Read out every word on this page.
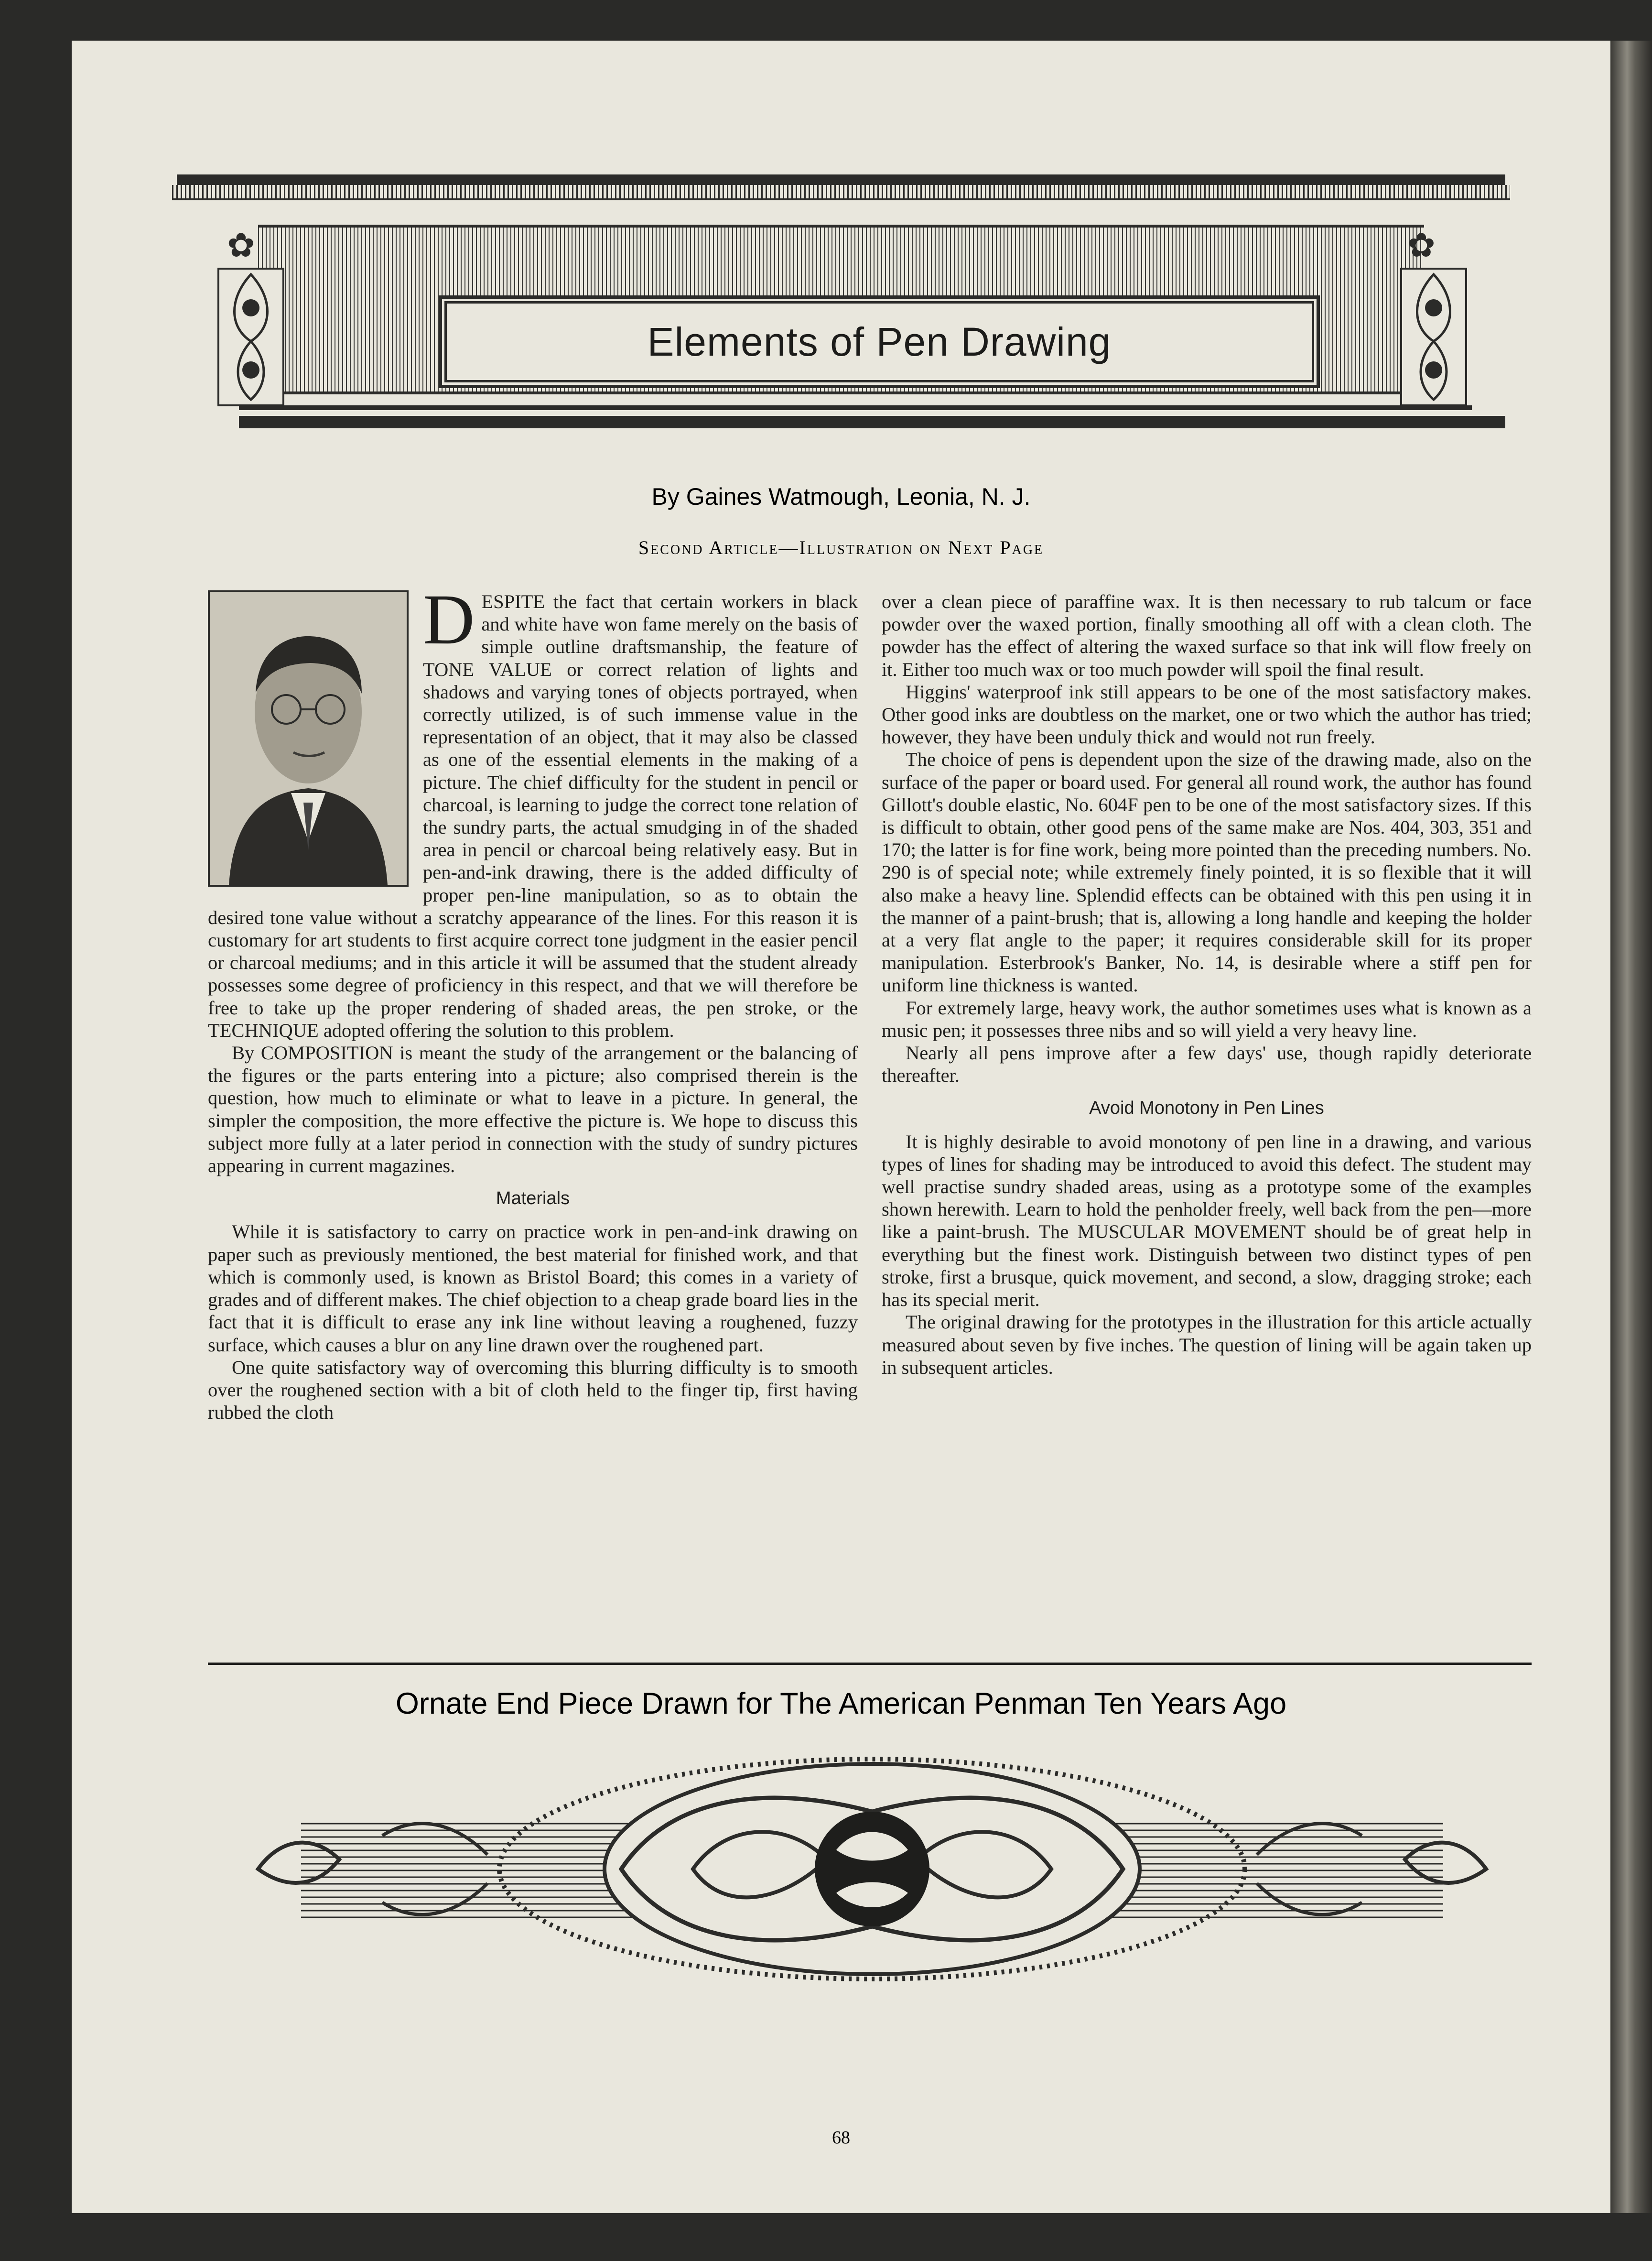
✿	✿
Elements of Pen Drawing
By Gaines Watmough, Leonia, N. J.
Second Article—Illustration on Next Page
D ESPITE the fact that certain workers in black and white have won fame merely on the basis of simple outline draftsmanship, the feature of TONE VALUE or correct relation of lights and shadows and varying tones of objects portrayed, when correctly utilized, is of such immense value in the representation of an object, that it may also be classed as one of the essential elements in the making of a picture. The chief difficulty for the student in pencil or charcoal, is learning to judge the correct tone relation of the sundry parts, the actual smudging in of the shaded area in pencil or charcoal being relatively easy. But in pen-and-ink drawing, there is the added difficulty of proper pen-line manipulation, so as to obtain the desired tone value without a scratchy appearance of the lines. For this reason it is customary for art students to first acquire correct tone judgment in the easier pencil or charcoal mediums; and in this article it will be assumed that the student already possesses some degree of proficiency in this respect, and that we will therefore be free to take up the proper rendering of shaded areas, the pen stroke, or the TECHNIQUE adopted offering the solution to this problem.

By COMPOSITION is meant the study of the arrangement or the balancing of the figures or the parts entering into a picture; also comprised therein is the question, how much to eliminate or what to leave in a picture. In general, the simpler the composition, the more effective the picture is. We hope to discuss this subject more fully at a later period in connection with the study of sundry pictures appearing in current magazines.

Materials

While it is satisfactory to carry on practice work in pen-and-ink drawing on paper such as previously mentioned, the best material for finished work, and that which is commonly used, is known as Bristol Board; this comes in a variety of grades and of different makes. The chief objection to a cheap grade board lies in the fact that it is difficult to erase any ink line without leaving a roughened, fuzzy surface, which causes a blur on any line drawn over the roughened part.

One quite satisfactory way of overcoming this blurring difficulty is to smooth over the roughened section with a bit of cloth held to the finger tip, first having rubbed the cloth

over a clean piece of paraffine wax. It is then necessary to rub talcum or face powder over the waxed portion, finally smoothing all off with a clean cloth. The powder has the effect of altering the waxed surface so that ink will flow freely on it. Either too much wax or too much powder will spoil the final result.

Higgins' waterproof ink still appears to be one of the most satisfactory makes. Other good inks are doubtless on the market, one or two which the author has tried; however, they have been unduly thick and would not run freely.

The choice of pens is dependent upon the size of the drawing made, also on the surface of the paper or board used. For general all round work, the author has found Gillott's double elastic, No. 604F pen to be one of the most satisfactory sizes. If this is difficult to obtain, other good pens of the same make are Nos. 404, 303, 351 and 170; the latter is for fine work, being more pointed than the preceding numbers. No. 290 is of special note; while extremely finely pointed, it is so flexible that it will also make a heavy line. Splendid effects can be obtained with this pen using it in the manner of a paint-brush; that is, allowing a long handle and keeping the holder at a very flat angle to the paper; it requires considerable skill for its proper manipulation. Esterbrook's Banker, No. 14, is desirable where a stiff pen for uniform line thickness is wanted.

For extremely large, heavy work, the author sometimes uses what is known as a music pen; it possesses three nibs and so will yield a very heavy line.

Nearly all pens improve after a few days' use, though rapidly deteriorate thereafter.

Avoid Monotony in Pen Lines

It is highly desirable to avoid monotony of pen line in a drawing, and various types of lines for shading may be introduced to avoid this defect. The student may well practise sundry shaded areas, using as a prototype some of the examples shown herewith. Learn to hold the penholder freely, well back from the pen—more like a paint-brush. The MUSCULAR MOVEMENT should be of great help in everything but the finest work. Distinguish between two distinct types of pen stroke, first a brusque, quick movement, and second, a slow, dragging stroke; each has its special merit.

The original drawing for the prototypes in the illustration for this article actually measured about seven by five inches. The question of lining will be again taken up in subsequent articles.

Ornate End Piece Drawn for The American Penman Ten Years Ago
68
